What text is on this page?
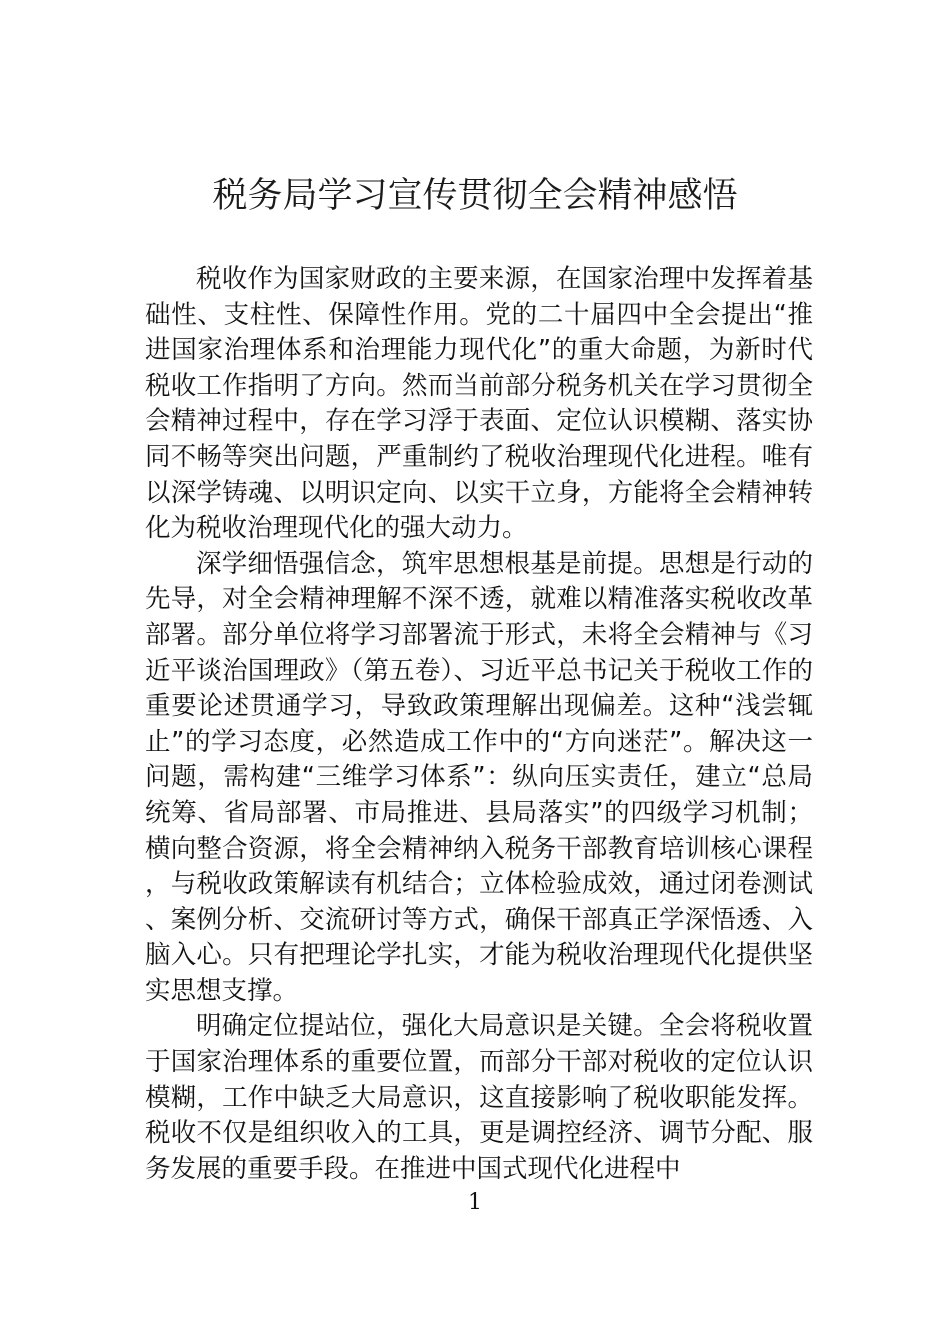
税务局学习宣传贯彻全会精神感悟

税收作为国家财政的主要来源，在国家治理中发挥着基础性、支柱性、保障性作用。党的二十届四中全会提出“推进国家治理体系和治理能力现代化”的重大命题，为新时代税收工作指明了方向。然而当前部分税务机关在学习贯彻全会精神过程中，存在学习浮于表面、定位认识模糊、落实协同不畅等突出问题，严重制约了税收治理现代化进程。唯有以深学铸魂、以明识定向、以实干立身，方能将全会精神转化为税收治理现代化的强大动力。

深学细悟强信念，筑牢思想根基是前提。思想是行动的先导，对全会精神理解不深不透，就难以精准落实税收改革部署。部分单位将学习部署流于形式，未将全会精神与《习近平谈治国理政》（第五卷）、习近平总书记关于税收工作的重要论述贯通学习，导致政策理解出现偏差。这种“浅尝辄止”的学习态度，必然造成工作中的“方向迷茫”。解决这一问题，需构建“三维学习体系”：纵向压实责任，建立“总局统筹、省局部署、市局推进、县局落实”的四级学习机制；横向整合资源，将全会精神纳入税务干部教育培训核心课程，与税收政策解读有机结合；立体检验成效，通过闭卷测试、案例分析、交流研讨等方式，确保干部真正学深悟透、入脑入心。只有把理论学扎实，才能为税收治理现代化提供坚实思想支撑。

明确定位提站位，强化大局意识是关键。全会将税收置于国家治理体系的重要位置，而部分干部对税收的定位认识模糊，工作中缺乏大局意识，这直接影响了税收职能发挥。税收不仅是组织收入的工具，更是调控经济、调节分配、服务发展的重要手段。在推进中国式现代化进程中

1
